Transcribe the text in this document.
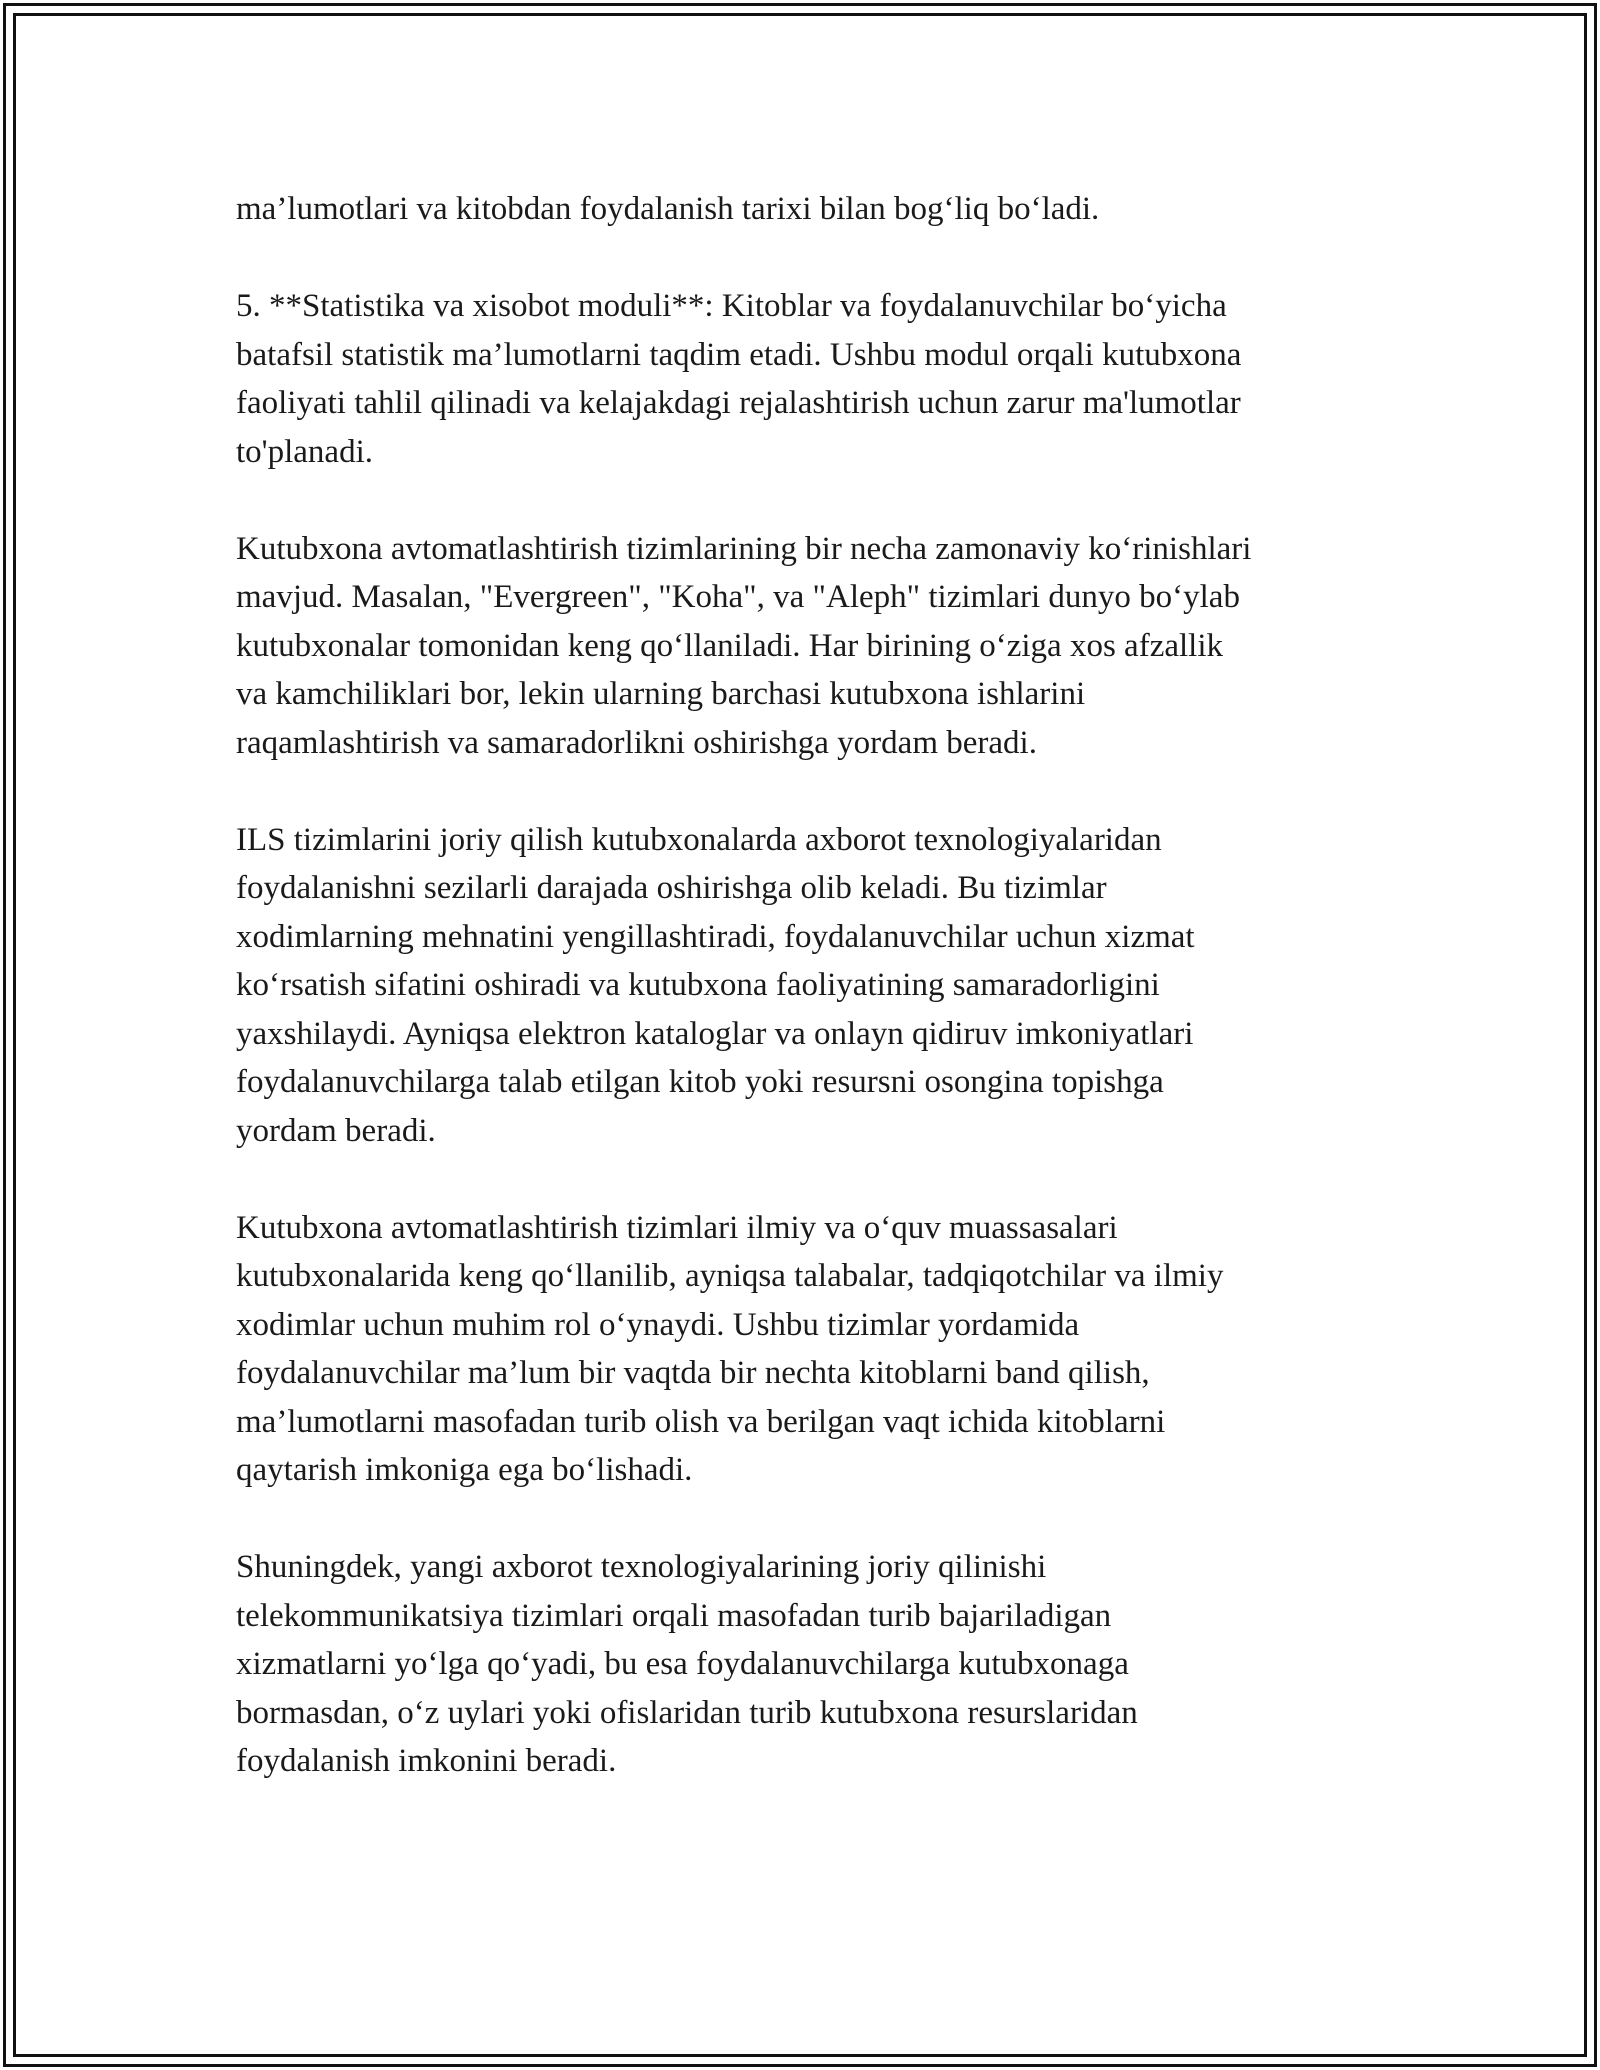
ma’lumotlari va kitobdan foydalanish tarixi bilan bog‘liq bo‘ladi.

5. **Statistika va xisobot moduli**: Kitoblar va foydalanuvchilar bo‘yicha
batafsil statistik ma’lumotlarni taqdim etadi. Ushbu modul orqali kutubxona
faoliyati tahlil qilinadi va kelajakdagi rejalashtirish uchun zarur ma'lumotlar
to'planadi.

Kutubxona avtomatlashtirish tizimlarining bir necha zamonaviy ko‘rinishlari
mavjud. Masalan, "Evergreen", "Koha", va "Aleph" tizimlari dunyo bo‘ylab
kutubxonalar tomonidan keng qo‘llaniladi. Har birining o‘ziga xos afzallik
va kamchiliklari bor, lekin ularning barchasi kutubxona ishlarini
raqamlashtirish va samaradorlikni oshirishga yordam beradi.

ILS tizimlarini joriy qilish kutubxonalarda axborot texnologiyalaridan
foydalanishni sezilarli darajada oshirishga olib keladi. Bu tizimlar
xodimlarning mehnatini yengillashtiradi, foydalanuvchilar uchun xizmat
ko‘rsatish sifatini oshiradi va kutubxona faoliyatining samaradorligini
yaxshilaydi. Ayniqsa elektron kataloglar va onlayn qidiruv imkoniyatlari
foydalanuvchilarga talab etilgan kitob yoki resursni osongina topishga
yordam beradi.

Kutubxona avtomatlashtirish tizimlari ilmiy va o‘quv muassasalari
kutubxonalarida keng qo‘llanilib, ayniqsa talabalar, tadqiqotchilar va ilmiy
xodimlar uchun muhim rol o‘ynaydi. Ushbu tizimlar yordamida
foydalanuvchilar ma’lum bir vaqtda bir nechta kitoblarni band qilish,
ma’lumotlarni masofadan turib olish va berilgan vaqt ichida kitoblarni
qaytarish imkoniga ega bo‘lishadi.

Shuningdek, yangi axborot texnologiyalarining joriy qilinishi
telekommunikatsiya tizimlari orqali masofadan turib bajariladigan
xizmatlarni yo‘lga qo‘yadi, bu esa foydalanuvchilarga kutubxonaga
bormasdan, o‘z uylari yoki ofislaridan turib kutubxona resurslaridan
foydalanish imkonini beradi.
